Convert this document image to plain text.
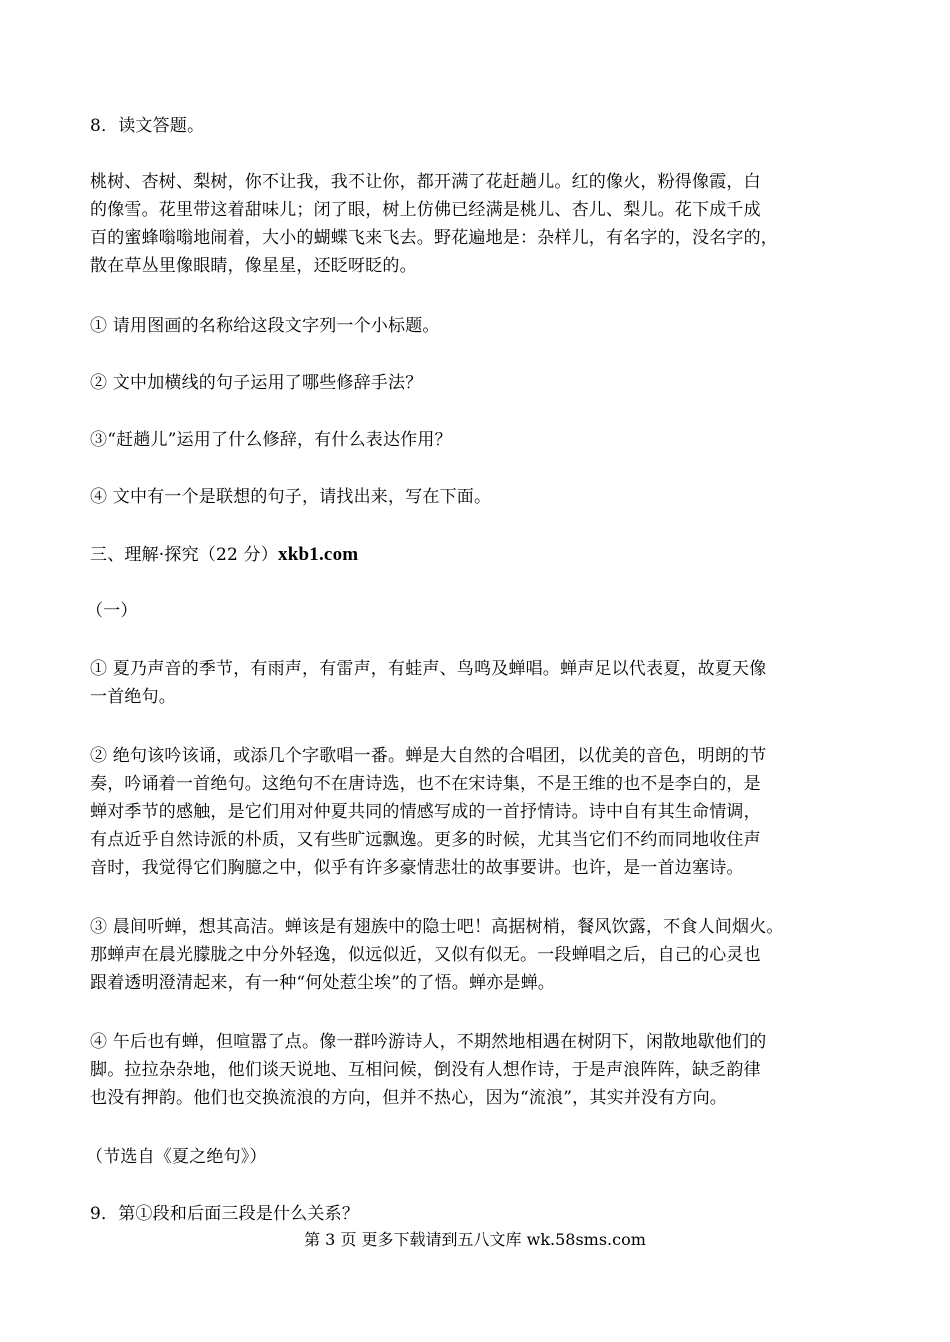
8．读文答题。
桃树、杏树、梨树，你不让我，我不让你，都开满了花赶趟儿。红的像火，粉得像霞，白
的像雪。花里带这着甜味儿；闭了眼，树上仿佛已经满是桃儿、杏儿、梨儿。花下成千成
百的蜜蜂嗡嗡地闹着，大小的蝴蝶飞来飞去。野花遍地是：杂样儿，有名字的，没名字的，
散在草丛里像眼睛，像星星，还眨呀眨的。
① 请用图画的名称给这段文字列一个小标题。
② 文中加横线的句子运用了哪些修辞手法？
③“赶趟儿”运用了什么修辞，有什么表达作用？
④ 文中有一个是联想的句子，请找出来，写在下面。
三、理解·探究（22 分）xkb1.com
（一）
① 夏乃声音的季节，有雨声，有雷声，有蛙声、鸟鸣及蝉唱。蝉声足以代表夏，故夏天像
一首绝句。
② 绝句该吟该诵，或添几个字歌唱一番。蝉是大自然的合唱团，以优美的音色，明朗的节
奏，吟诵着一首绝句。这绝句不在唐诗选，也不在宋诗集，不是王维的也不是李白的，是
蝉对季节的感触，是它们用对仲夏共同的情感写成的一首抒情诗。诗中自有其生命情调，
有点近乎自然诗派的朴质，又有些旷远飘逸。更多的时候，尤其当它们不约而同地收住声
音时，我觉得它们胸臆之中，似乎有许多豪情悲壮的故事要讲。也许，是一首边塞诗。
③ 晨间听蝉，想其高洁。蝉该是有翅族中的隐士吧！高据树梢，餐风饮露，不食人间烟火。
那蝉声在晨光朦胧之中分外轻逸，似远似近，又似有似无。一段蝉唱之后，自己的心灵也
跟着透明澄清起来，有一种“何处惹尘埃”的了悟。蝉亦是蝉。
④ 午后也有蝉，但喧嚣了点。像一群吟游诗人，不期然地相遇在树阴下，闲散地歇他们的
脚。拉拉杂杂地，他们谈天说地、互相问候，倒没有人想作诗，于是声浪阵阵，缺乏韵律
也没有押韵。他们也交换流浪的方向，但并不热心，因为“流浪”，其实并没有方向。
（节选自《夏之绝句》）
9．第①段和后面三段是什么关系？
第 3 页 更多下载请到五八文库 wk.58sms.com
